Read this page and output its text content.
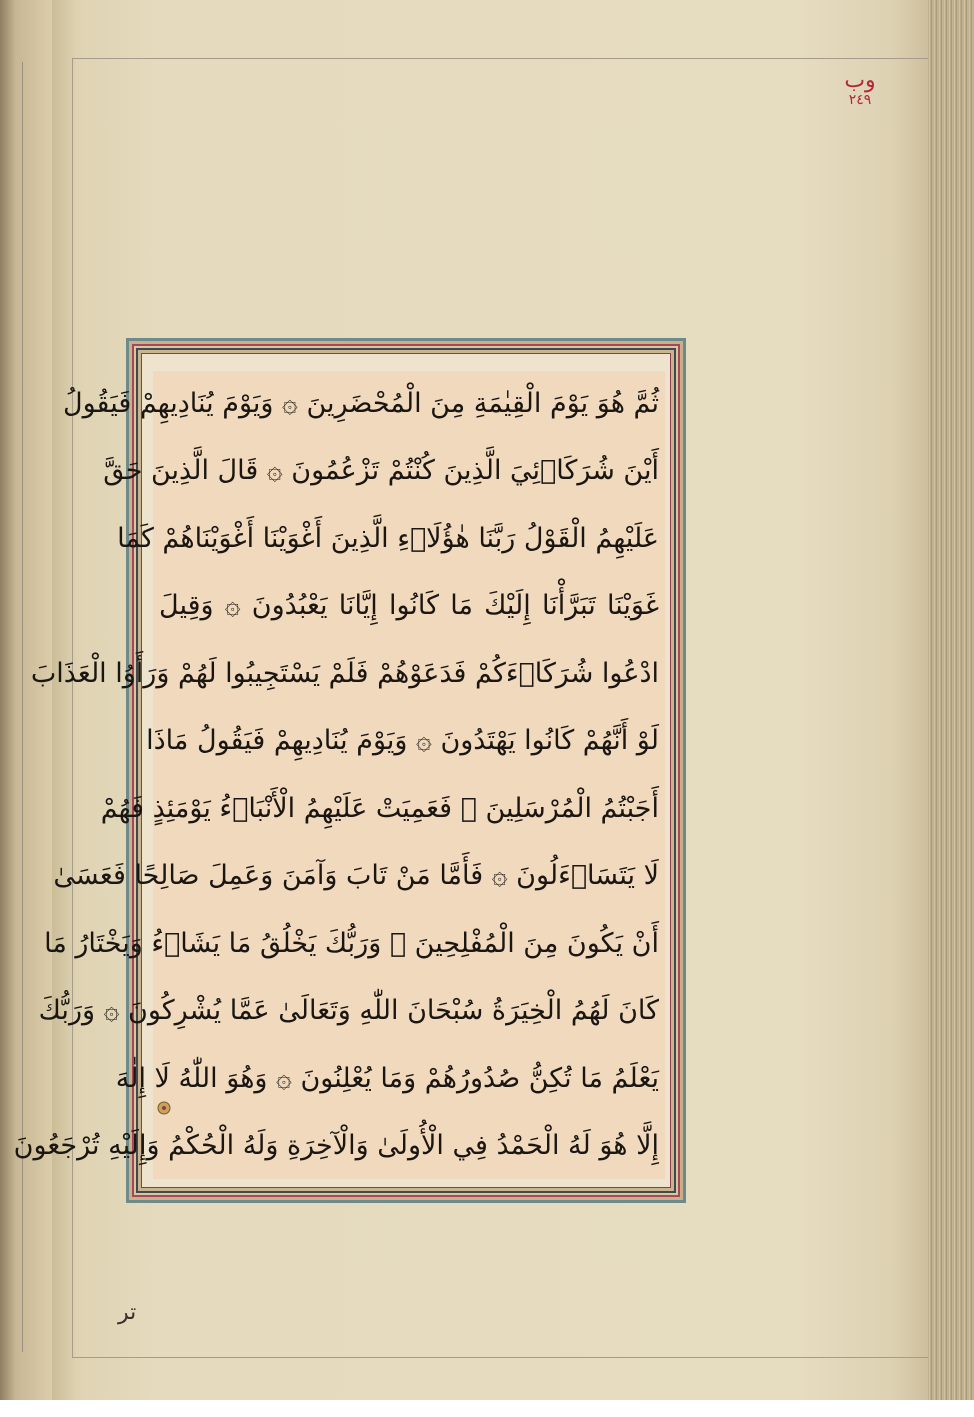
وب
٢٤٩
ثُمَّ هُوَ يَوْمَ الْقِيٰمَةِ مِنَ الْمُحْضَرِينَ ۞ وَيَوْمَ يُنَادِيهِمْ فَيَقُولُ
أَيْنَ شُرَكَاۤئِيَ الَّذِينَ كُنْتُمْ تَزْعُمُونَ ۞ قَالَ الَّذِينَ حَقَّ
عَلَيْهِمُ الْقَوْلُ رَبَّنَا هٰؤُلَاۤءِ الَّذِينَ أَغْوَيْنَا أَغْوَيْنَاهُمْ كَمَا
غَوَيْنَا تَبَرَّأْنَا إِلَيْكَ مَا كَانُوا إِيَّانَا يَعْبُدُونَ ۞ وَقِيلَ
ادْعُوا شُرَكَاۤءَكُمْ فَدَعَوْهُمْ فَلَمْ يَسْتَجِيبُوا لَهُمْ وَرَأَوُا الْعَذَابَ
لَوْ أَنَّهُمْ كَانُوا يَهْتَدُونَ ۞ وَيَوْمَ يُنَادِيهِمْ فَيَقُولُ مَاذَا
أَجَبْتُمُ الْمُرْسَلِينَ ۞ فَعَمِيَتْ عَلَيْهِمُ الْأَنْبَاۤءُ يَوْمَئِذٍ فَهُمْ
لَا يَتَسَاۤءَلُونَ ۞ فَأَمَّا مَنْ تَابَ وَآمَنَ وَعَمِلَ صَالِحًا فَعَسَىٰ
أَنْ يَكُونَ مِنَ الْمُفْلِحِينَ ۞ وَرَبُّكَ يَخْلُقُ مَا يَشَاۤءُ وَيَخْتَارُ مَا
كَانَ لَهُمُ الْخِيَرَةُ سُبْحَانَ اللّٰهِ وَتَعَالَىٰ عَمَّا يُشْرِكُونَ ۞ وَرَبُّكَ
يَعْلَمُ مَا تُكِنُّ صُدُورُهُمْ وَمَا يُعْلِنُونَ ۞ وَهُوَ اللّٰهُ لَا إِلٰهَ
إِلَّا هُوَ لَهُ الْحَمْدُ فِي الْأُولَىٰ وَالْآخِرَةِ وَلَهُ الْحُكْمُ وَإِلَيْهِ تُرْجَعُونَ
تر
